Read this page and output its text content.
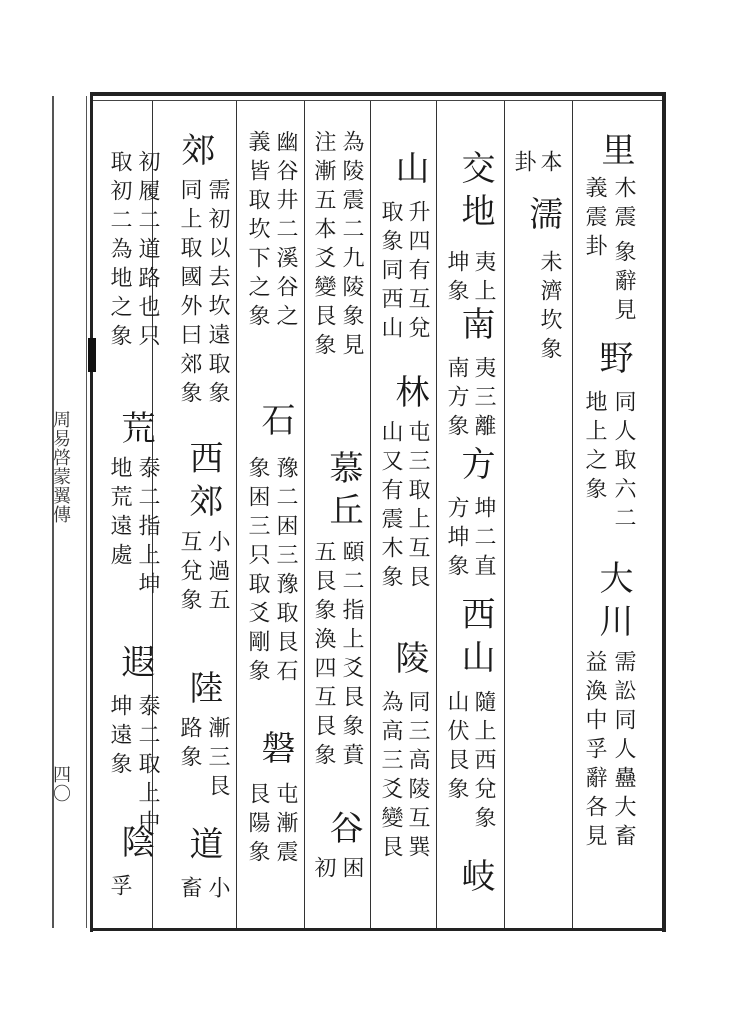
周易啓蒙翼傳
四〇
里
木震
義震卦
象辭見
野
同人取六二
地上之象
大川
需訟同人蠱大畜
益渙中孚辭各見
本
卦
濡
未濟坎象
交地
夷上
坤象
南
夷三離
南方象
方
坤二直
方坤象
西山
隨上西兌象
山伏艮象
岐
山
升四有互兌
取象同西山
林
屯三取上互艮
山又有震木象
陵
同三高陵互巽
為高三爻變艮
為陵震二九陵象見
注漸五本爻變艮象
慕
丘
頤二指上爻艮象賁
五艮象渙四互艮象
谷
困
初
幽谷井二溪谷之
義皆取坎下之象
石
豫二困三豫取艮石
象困三只取爻剛象
磐
屯漸震
艮陽象
郊
需初以去坎遠取象
同上取國外曰郊象
西郊
小過五
互兌象
陸
漸三艮
路象
道
小
畜
初履二道路也只
取初二為地之象
荒
泰二指上坤
地荒遠處
遐
泰二取上中
坤遠象
陰
孚
